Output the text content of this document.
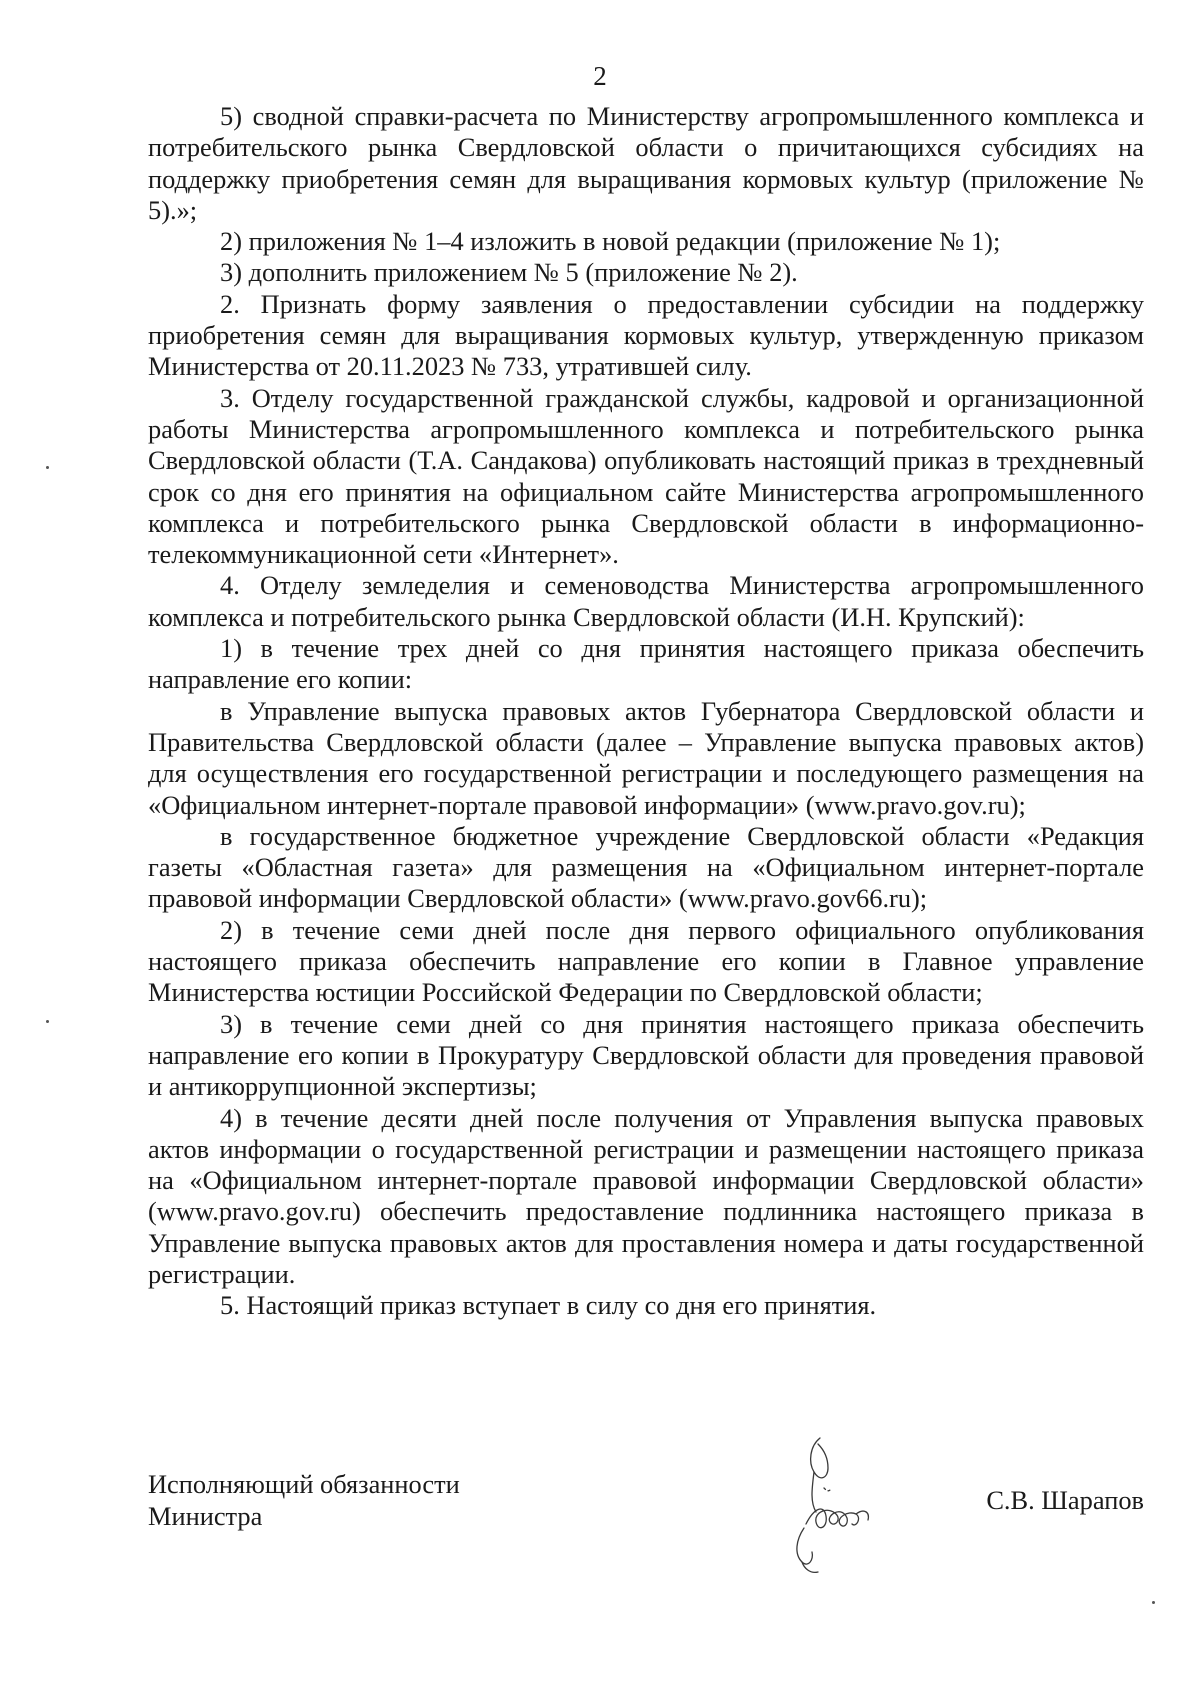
2

5) сводной справки-расчета по Министерству агропромышленного комплекса и потребительского рынка Свердловской области о причитающихся субсидиях на поддержку приобретения семян для выращивания кормовых культур (приложение № 5).»;

2) приложения № 1–4 изложить в новой редакции (приложение № 1);

3) дополнить приложением № 5 (приложение № 2).

2. Признать форму заявления о предоставлении субсидии на поддержку приобретения семян для выращивания кормовых культур, утвержденную приказом Министерства от 20.11.2023 № 733, утратившей силу.

3. Отделу государственной гражданской службы, кадровой и организационной работы Министерства агропромышленного комплекса и потребительского рынка Свердловской области (Т.А. Сандакова) опубликовать настоящий приказ в трехдневный срок со дня его принятия на официальном сайте Министерства агропромышленного комплекса и потребительского рынка Свердловской области в информационно-телекоммуникационной сети «Интернет».

4. Отделу земледелия и семеноводства Министерства агропромышленного комплекса и потребительского рынка Свердловской области (И.Н. Крупский):

1) в течение трех дней со дня принятия настоящего приказа обеспечить направление его копии:

в Управление выпуска правовых актов Губернатора Свердловской области и Правительства Свердловской области (далее – Управление выпуска правовых актов) для осуществления его государственной регистрации и последующего размещения на «Официальном интернет-портале правовой информации» (www.pravo.gov.ru);

в государственное бюджетное учреждение Свердловской области «Редакция газеты «Областная газета» для размещения на «Официальном интернет-портале правовой информации Свердловской области» (www.pravo.gov66.ru);

2) в течение семи дней после дня первого официального опубликования настоящего приказа обеспечить направление его копии в Главное управление Министерства юстиции Российской Федерации по Свердловской области;

3) в течение семи дней со дня принятия настоящего приказа обеспечить направление его копии в Прокуратуру Свердловской области для проведения правовой и антикоррупционной экспертизы;

4) в течение десяти дней после получения от Управления выпуска правовых актов информации о государственной регистрации и размещении настоящего приказа на «Официальном интернет-портале правовой информации Свердловской области» (www.pravo.gov.ru) обеспечить предоставление подлинника настоящего приказа в Управление выпуска правовых актов для проставления номера и даты государственной регистрации.

5. Настоящий приказ вступает в силу со дня его принятия.

Исполняющий обязанности
Министра
С.В. Шарапов
